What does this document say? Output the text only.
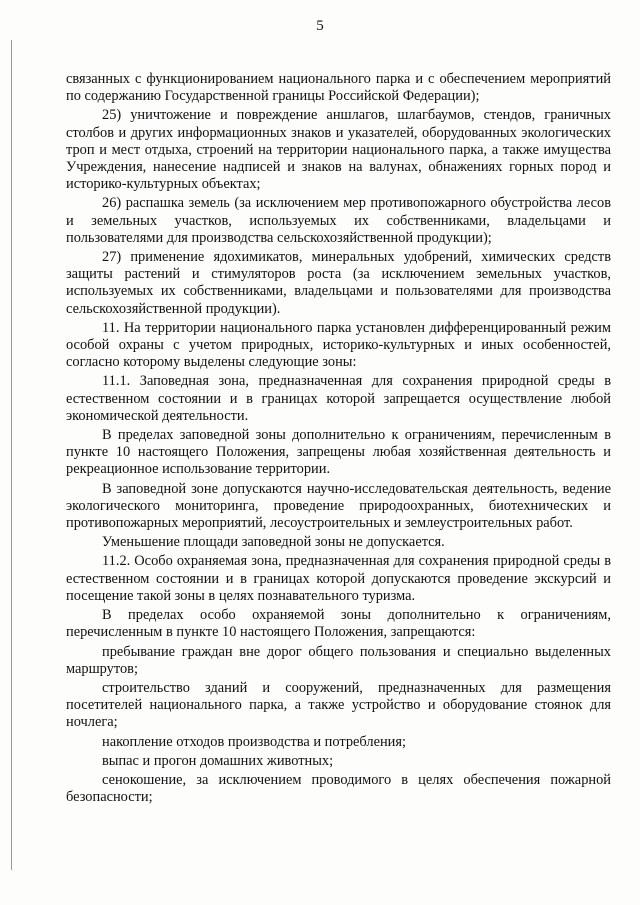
5

связанных с функционированием национального парка и с обеспечением мероприятий по содержанию Государственной границы Российской Федерации);

25) уничтожение и повреждение аншлагов, шлагбаумов, стендов, граничных столбов и других информационных знаков и указателей, оборудованных экологических троп и мест отдыха, строений на территории национального парка, а также имущества Учреждения, нанесение надписей и знаков на валунах, обнажениях горных пород и историко-культурных объектах;

26) распашка земель (за исключением мер противопожарного обустройства лесов и земельных участков, используемых их собственниками, владельцами и пользователями для производства сельскохозяйственной продукции);

27) применение ядохимикатов, минеральных удобрений, химических средств защиты растений и стимуляторов роста (за исключением земельных участков, используемых их собственниками, владельцами и пользователями для производства сельскохозяйственной продукции).

11. На территории национального парка установлен дифференцированный режим особой охраны с учетом природных, историко-культурных и иных особенностей, согласно которому выделены следующие зоны:

11.1. Заповедная зона, предназначенная для сохранения природной среды в естественном состоянии и в границах которой запрещается осуществление любой экономической деятельности.

В пределах заповедной зоны дополнительно к ограничениям, перечисленным в пункте 10 настоящего Положения, запрещены любая хозяйственная деятельность и рекреационное использование территории.

В заповедной зоне допускаются научно-исследовательская деятельность, ведение экологического мониторинга, проведение природоохранных, биотехнических и противопожарных мероприятий, лесоустроительных и землеустроительных работ.

Уменьшение площади заповедной зоны не допускается.

11.2. Особо охраняемая зона, предназначенная для сохранения природной среды в естественном состоянии и в границах которой допускаются проведение экскурсий и посещение такой зоны в целях познавательного туризма.

В пределах особо охраняемой зоны дополнительно к ограничениям, перечисленным в пункте 10 настоящего Положения, запрещаются:

пребывание граждан вне дорог общего пользования и специально выделенных маршрутов;

строительство зданий и сооружений, предназначенных для размещения посетителей национального парка, а также устройство и оборудование стоянок для ночлега;

накопление отходов производства и потребления;

выпас и прогон домашних животных;

сенокошение, за исключением проводимого в целях обеспечения пожарной безопасности;
